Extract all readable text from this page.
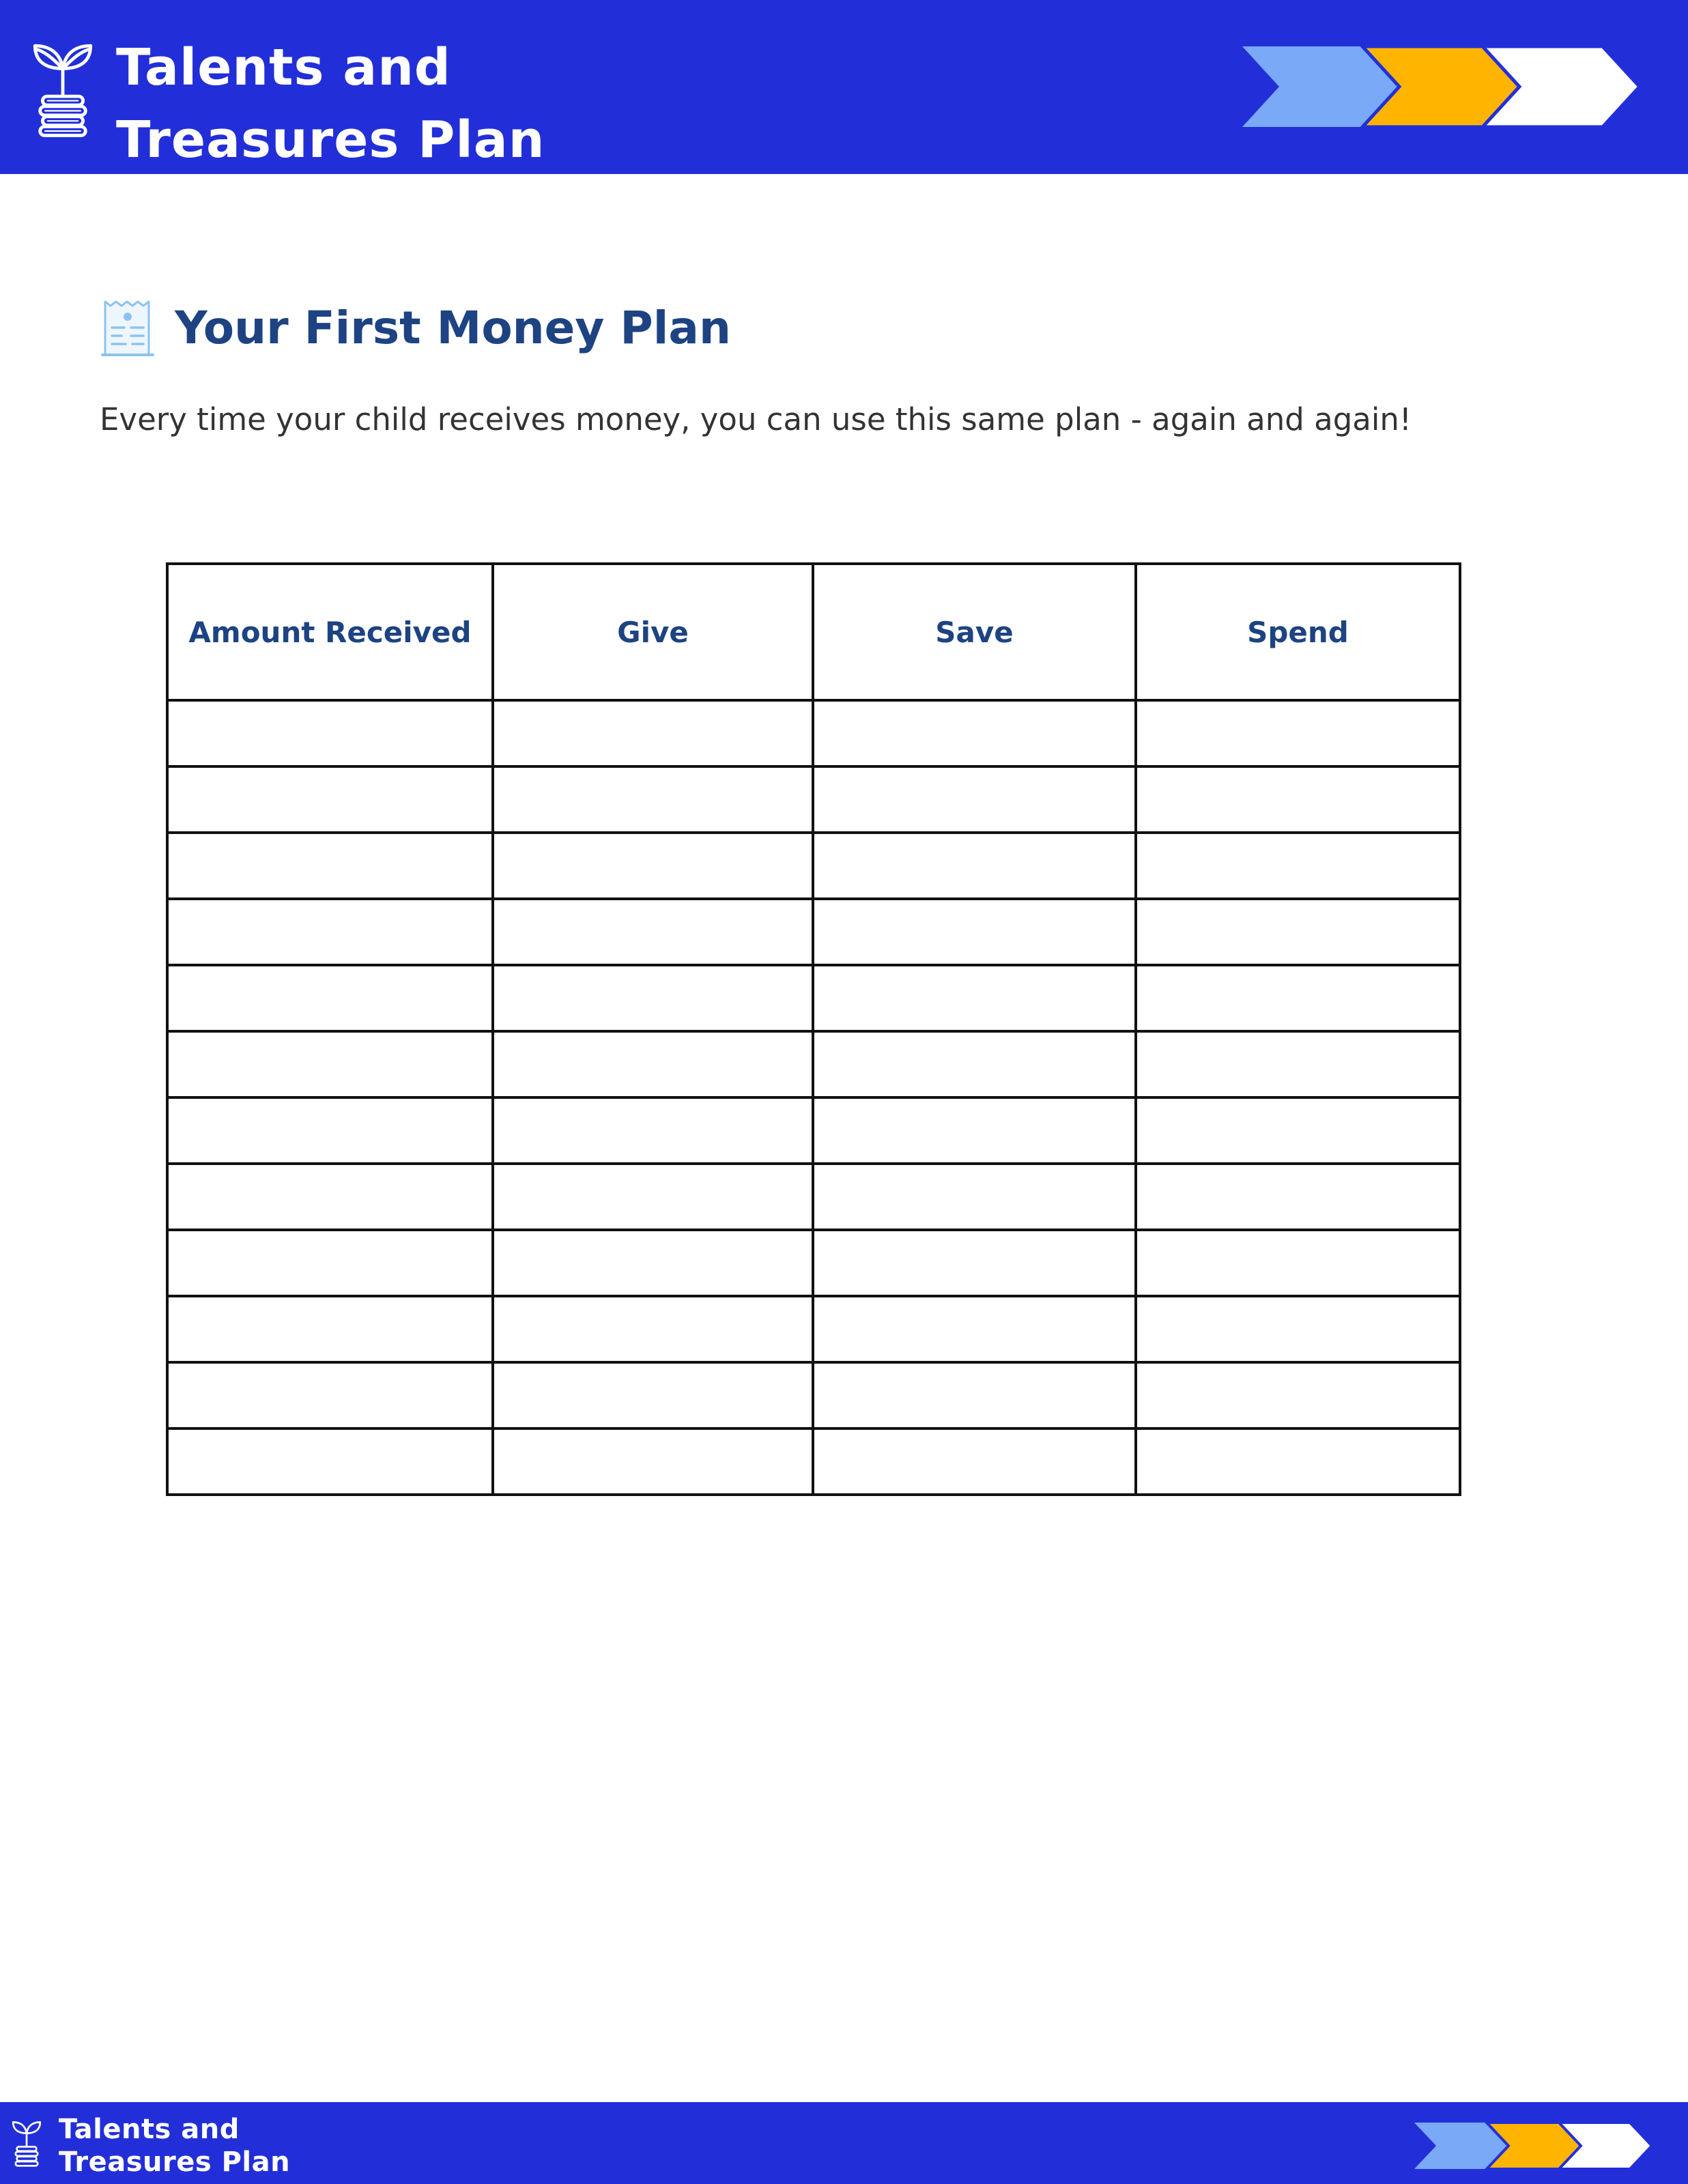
Talents and
Treasures Plan
Your First Money Plan

Every time your child receives money, you can use this same plan - again and again!

Amount Received	Give	Save	Spend

Talents and
Treasures Plan
